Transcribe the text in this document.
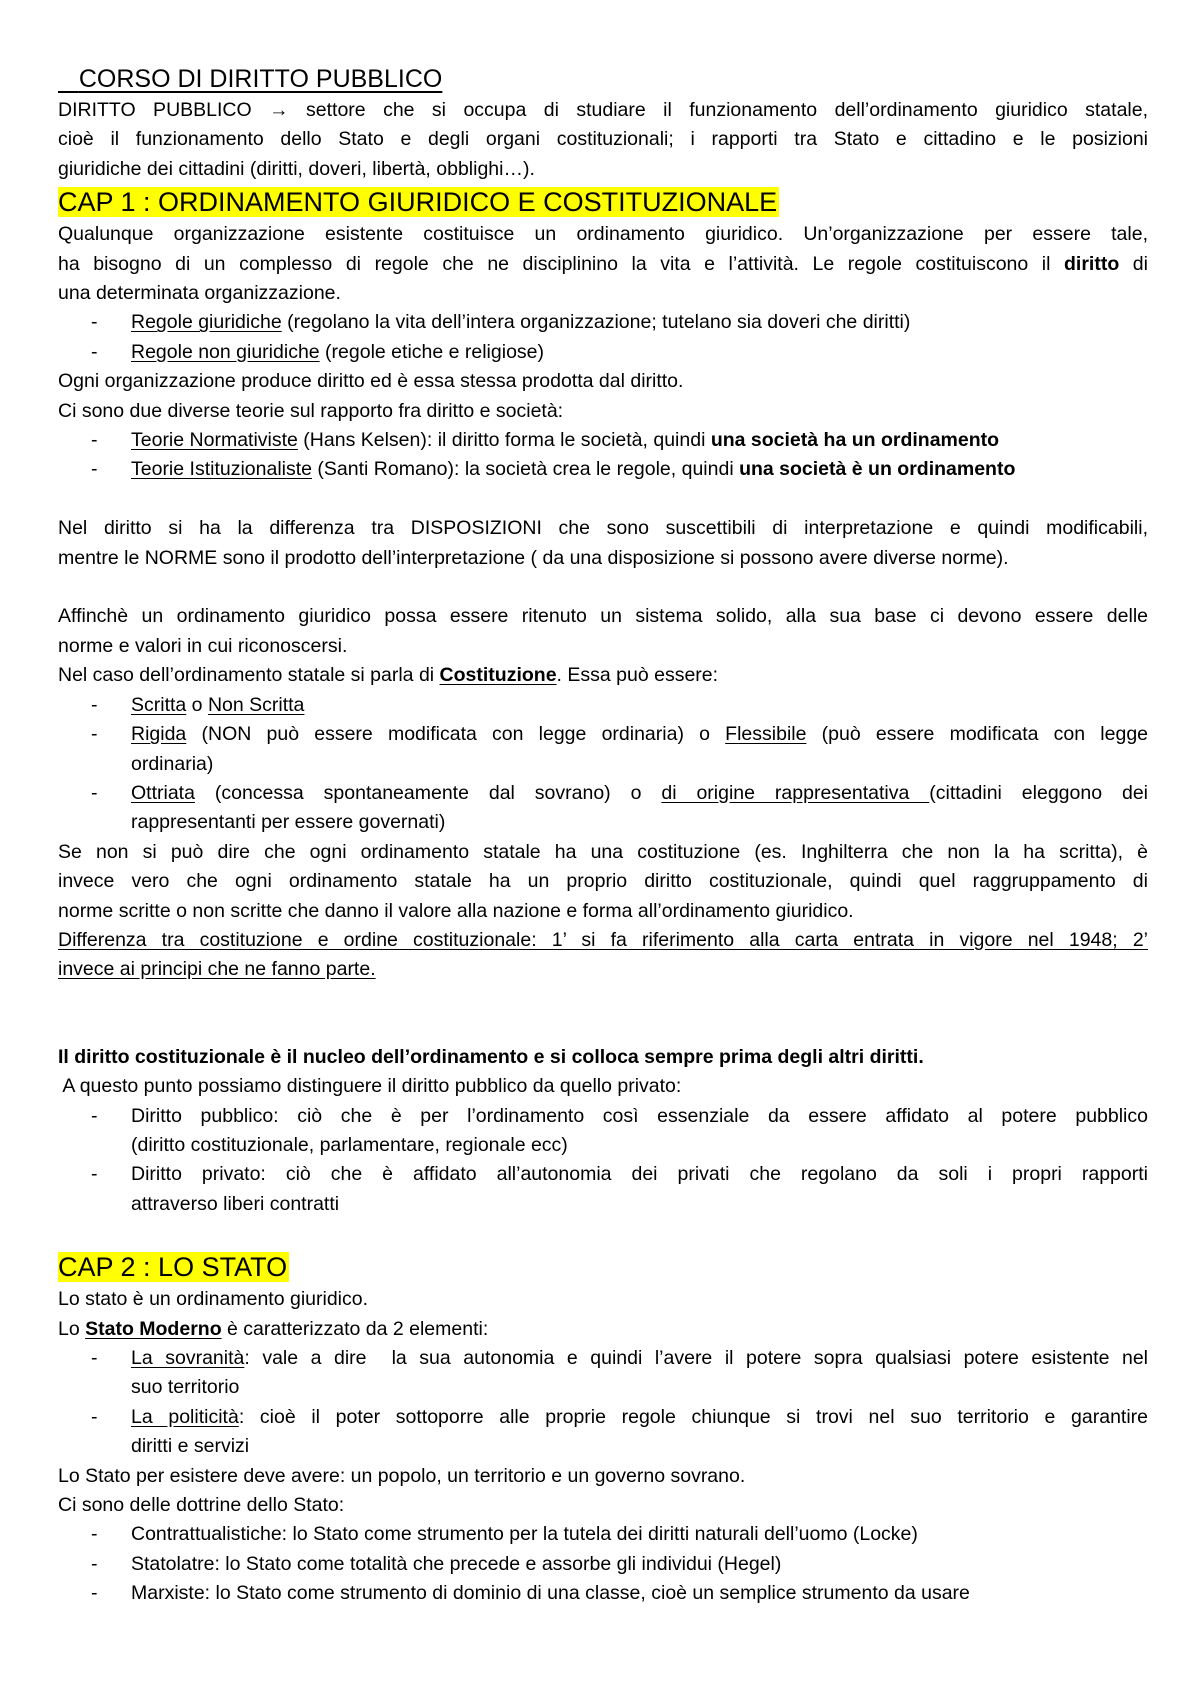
CORSO DI DIRITTO PUBBLICO
DIRITTO PUBBLICO → settore che si occupa di studiare il funzionamento dell’ordinamento giuridico statale,
cioè il funzionamento dello Stato e degli organi costituzionali; i rapporti tra Stato e cittadino e le posizioni
giuridiche dei cittadini (diritti, doveri, libertà, obblighi…).
CAP 1 : ORDINAMENTO GIURIDICO E COSTITUZIONALE
Qualunque organizzazione esistente costituisce un ordinamento giuridico. Un’organizzazione per essere tale,
ha bisogno di un complesso di regole che ne disciplinino la vita e l’attività. Le regole costituiscono il diritto di
una determinata organizzazione.
- Regole giuridiche (regolano la vita dell’intera organizzazione; tutelano sia doveri che diritti)
- Regole non giuridiche (regole etiche e religiose)
Ogni organizzazione produce diritto ed è essa stessa prodotta dal diritto.
Ci sono due diverse teorie sul rapporto fra diritto e società:
- Teorie Normativiste (Hans Kelsen): il diritto forma le società, quindi una società ha un ordinamento
- Teorie Istituzionaliste (Santi Romano): la società crea le regole, quindi una società è un ordinamento
Nel diritto si ha la differenza tra DISPOSIZIONI che sono suscettibili di interpretazione e quindi modificabili,
mentre le NORME sono il prodotto dell’interpretazione ( da una disposizione si possono avere diverse norme).
Affinchè un ordinamento giuridico possa essere ritenuto un sistema solido, alla sua base ci devono essere delle
norme e valori in cui riconoscersi.
Nel caso dell’ordinamento statale si parla di Costituzione. Essa può essere:
- Scritta o Non Scritta
- Rigida (NON può essere modificata con legge ordinaria) o Flessibile (può essere modificata con legge
ordinaria)
- Ottriata (concessa spontaneamente dal sovrano) o di origine rappresentativa (cittadini eleggono dei
rappresentanti per essere governati)
Se non si può dire che ogni ordinamento statale ha una costituzione (es. Inghilterra che non la ha scritta), è
invece vero che ogni ordinamento statale ha un proprio diritto costituzionale, quindi quel raggruppamento di
norme scritte o non scritte che danno il valore alla nazione e forma all’ordinamento giuridico.
Differenza tra costituzione e ordine costituzionale: 1’ si fa riferimento alla carta entrata in vigore nel 1948; 2’
invece ai principi che ne fanno parte.
Il diritto costituzionale è il nucleo dell’ordinamento e si colloca sempre prima degli altri diritti.
A questo punto possiamo distinguere il diritto pubblico da quello privato:
- Diritto pubblico: ciò che è per l’ordinamento così essenziale da essere affidato al potere pubblico
(diritto costituzionale, parlamentare, regionale ecc)
- Diritto privato: ciò che è affidato all’autonomia dei privati che regolano da soli i propri rapporti
attraverso liberi contratti
CAP 2 : LO STATO
Lo stato è un ordinamento giuridico.
Lo Stato Moderno è caratterizzato da 2 elementi:
- La sovranità: vale a dire  la sua autonomia e quindi l’avere il potere sopra qualsiasi potere esistente nel
suo territorio
- La politicità: cioè il poter sottoporre alle proprie regole chiunque si trovi nel suo territorio e garantire
diritti e servizi
Lo Stato per esistere deve avere: un popolo, un territorio e un governo sovrano.
Ci sono delle dottrine dello Stato:
- Contrattualistiche: lo Stato come strumento per la tutela dei diritti naturali dell’uomo (Locke)
- Statolatre: lo Stato come totalità che precede e assorbe gli individui (Hegel)
- Marxiste: lo Stato come strumento di dominio di una classe, cioè un semplice strumento da usare
